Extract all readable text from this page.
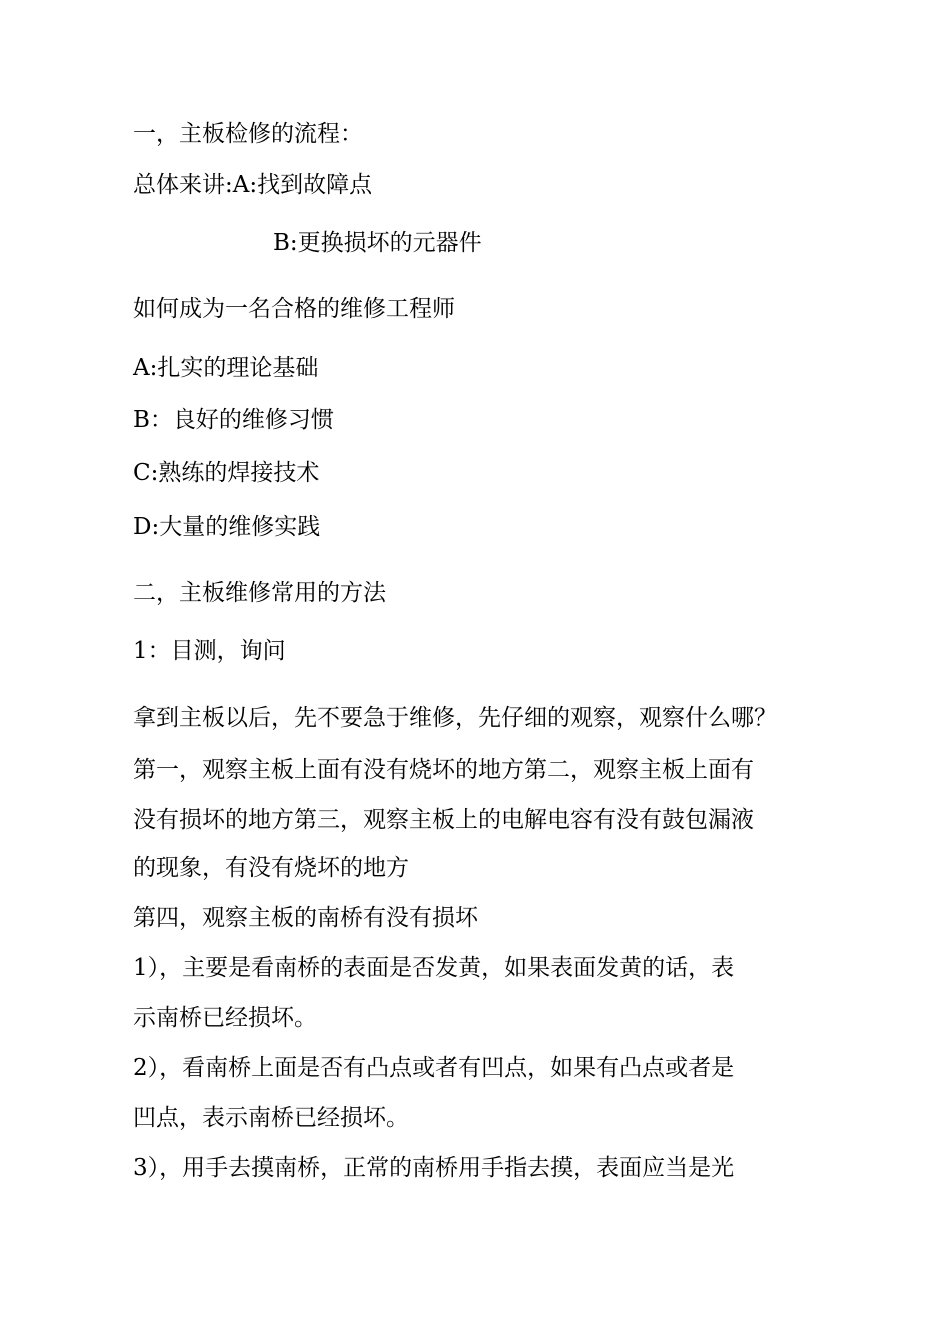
一，主板检修的流程：
总体来讲:A:找到故障点
B:更换损坏的元器件
如何成为一名合格的维修工程师
A:扎实的理论基础
B：良好的维修习惯
C:熟练的焊接技术
D:大量的维修实践
二，主板维修常用的方法
1：目测，询问
拿到主板以后，先不要急于维修，先仔细的观察，观察什么哪？
第一，观察主板上面有没有烧坏的地方第二，观察主板上面有
没有损坏的地方第三，观察主板上的电解电容有没有鼓包漏液
的现象，有没有烧坏的地方
第四，观察主板的南桥有没有损坏
1），主要是看南桥的表面是否发黄，如果表面发黄的话，表
示南桥已经损坏。
2），看南桥上面是否有凸点或者有凹点，如果有凸点或者是
凹点，表示南桥已经损坏。
3），用手去摸南桥，正常的南桥用手指去摸，表面应当是光
